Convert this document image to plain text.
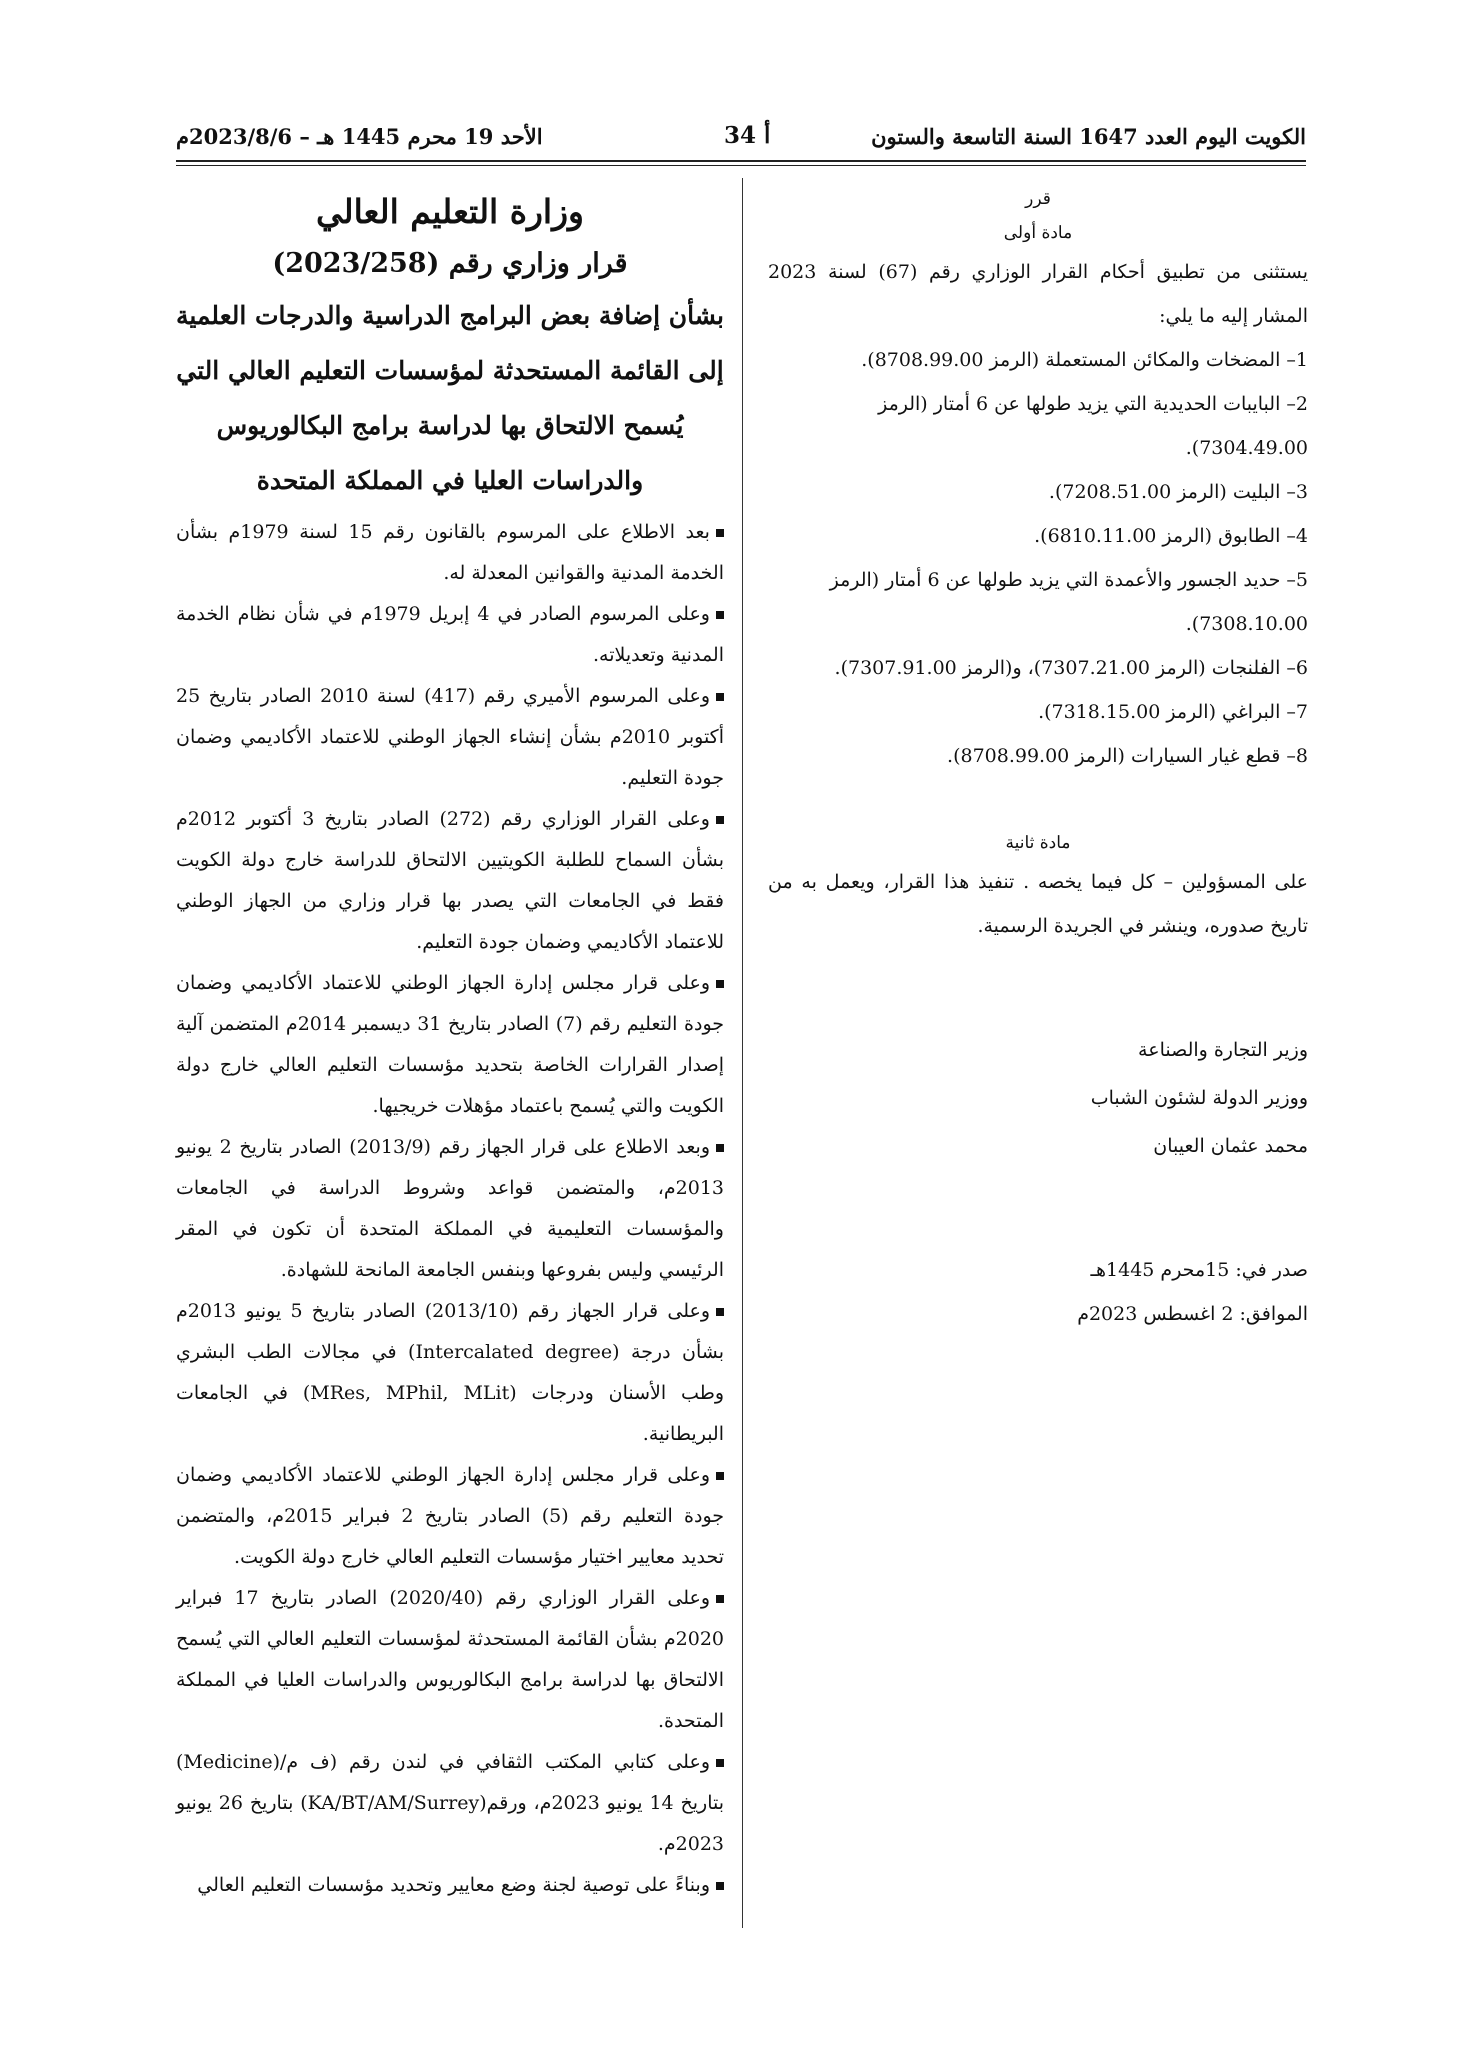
الكويت اليوم العدد 1647 السنة التاسعة والستون
أ 34
الأحد 19 محرم 1445 هـ – 2023/8/6م
قرر
مادة أولى

يستثنى من تطبيق أحكام القرار الوزاري رقم (67) لسنة 2023 المشار إليه ما يلي:

1– المضخات والمكائن المستعملة (الرمز 8708.99.00).

2– البايبات الحديدية التي يزيد طولها عن 6 أمتار (الرمز 7304.49.00).

3– البليت (الرمز 7208.51.00).

4– الطابوق (الرمز 6810.11.00).

5– حديد الجسور والأعمدة التي يزيد طولها عن 6 أمتار (الرمز 7308.10.00).

6– الفلنجات (الرمز 7307.21.00)، و(الرمز 7307.91.00).

7– البراغي (الرمز 7318.15.00).

8– قطع غيار السيارات (الرمز 8708.99.00).

مادة ثانية

على المسؤولين – كل فيما يخصه . تنفيذ هذا القرار، ويعمل به من تاريخ صدوره، وينشر في الجريدة الرسمية.

وزير التجارة والصناعة

ووزير الدولة لشئون الشباب

محمد عثمان العيبان

صدر في: 15محرم 1445هـ

الموافق: 2 اغسطس 2023م

وزارة التعليم العالي
قرار وزاري رقم (2023/258)
بشأن إضافة بعض البرامج الدراسية والدرجات العلمية إلى القائمة المستحدثة لمؤسسات التعليم العالي التي يُسمح الالتحاق بها لدراسة برامج البكالوريوس والدراسات العليا في المملكة المتحدة

بعد الاطلاع على المرسوم بالقانون رقم 15 لسنة 1979م بشأن الخدمة المدنية والقوانين المعدلة له.

وعلى المرسوم الصادر في 4 إبريل 1979م في شأن نظام الخدمة المدنية وتعديلاته.

وعلى المرسوم الأميري رقم (417) لسنة 2010 الصادر بتاريخ 25 أكتوبر 2010م بشأن إنشاء الجهاز الوطني للاعتماد الأكاديمي وضمان جودة التعليم.

وعلى القرار الوزاري رقم (272) الصادر بتاريخ 3 أكتوبر 2012م بشأن السماح للطلبة الكويتيين الالتحاق للدراسة خارج دولة الكويت فقط في الجامعات التي يصدر بها قرار وزاري من الجهاز الوطني للاعتماد الأكاديمي وضمان جودة التعليم.

وعلى قرار مجلس إدارة الجهاز الوطني للاعتماد الأكاديمي وضمان جودة التعليم رقم (7) الصادر بتاريخ 31 ديسمبر 2014م المتضمن آلية إصدار القرارات الخاصة بتحديد مؤسسات التعليم العالي خارج دولة الكويت والتي يُسمح باعتماد مؤهلات خريجيها.

وبعد الاطلاع على قرار الجهاز رقم (2013/9) الصادر بتاريخ 2 يونيو 2013م، والمتضمن قواعد وشروط الدراسة في الجامعات والمؤسسات التعليمية في المملكة المتحدة أن تكون في المقر الرئيسي وليس بفروعها وبنفس الجامعة المانحة للشهادة.

وعلى قرار الجهاز رقم (2013/10) الصادر بتاريخ 5 يونيو 2013م بشأن درجة (Intercalated degree) في مجالات الطب البشري وطب الأسنان ودرجات (MRes, MPhil, MLit) في الجامعات البريطانية.

وعلى قرار مجلس إدارة الجهاز الوطني للاعتماد الأكاديمي وضمان جودة التعليم رقم (5) الصادر بتاريخ 2 فبراير 2015م، والمتضمن تحديد معايير اختيار مؤسسات التعليم العالي خارج دولة الكويت.

وعلى القرار الوزاري رقم (2020/40) الصادر بتاريخ 17 فبراير 2020م بشأن القائمة المستحدثة لمؤسسات التعليم العالي التي يُسمح الالتحاق بها لدراسة برامج البكالوريوس والدراسات العليا في المملكة المتحدة.

وعلى كتابي المكتب الثقافي في لندن رقم (ف م/(Medicine) بتاريخ 14 يونيو 2023م، ورقم(KA/BT/AM/Surrey) بتاريخ 26 يونيو 2023م.

وبناءً على توصية لجنة وضع معايير وتحديد مؤسسات التعليم العالي
